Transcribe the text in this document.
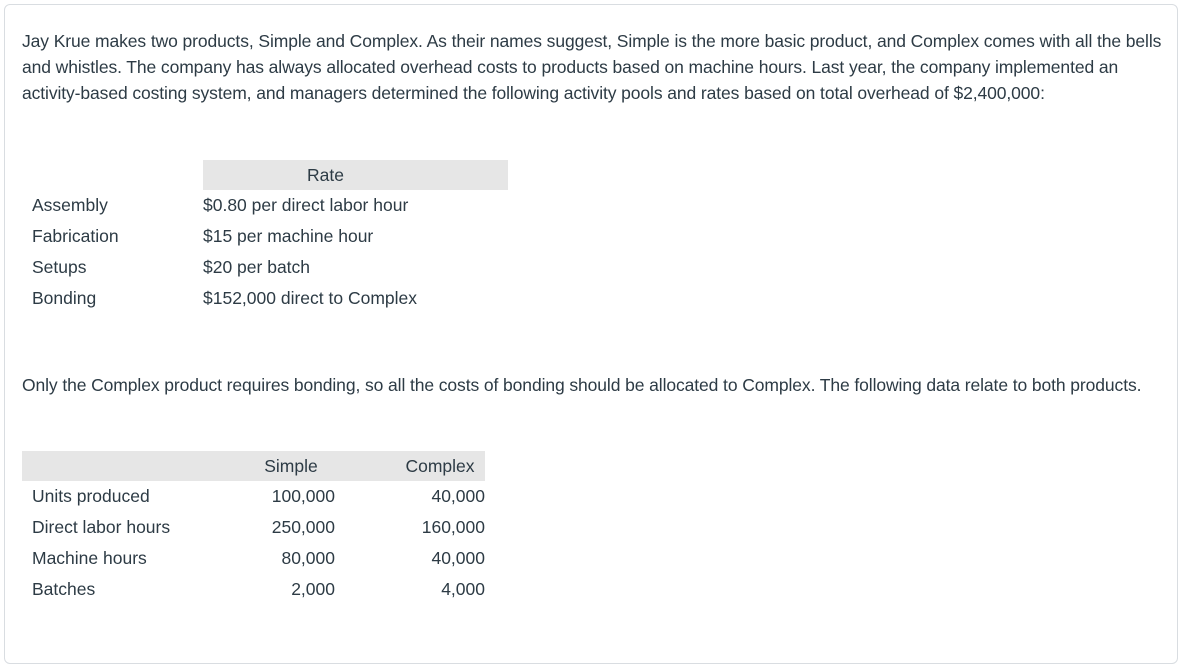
Jay Krue makes two products, Simple and Complex. As their names suggest, Simple is the more basic product, and Complex comes with all the bells and whistles. The company has always allocated overhead costs to products based on machine hours. Last year, the company implemented an activity-based costing system, and managers determined the following activity pools and rates based on total overhead of $2,400,000:

	Rate
Assembly	$0.80 per direct labor hour
Fabrication	$15 per machine hour
Setups	$20 per batch
Bonding	$152,000 direct to Complex

Only the Complex product requires bonding, so all the costs of bonding should be allocated to Complex. The following data relate to both products.

	Simple		Complex
Units produced	100,000		40,000
Direct labor hours	250,000		160,000
Machine hours	80,000		40,000
Batches	2,000		4,000
